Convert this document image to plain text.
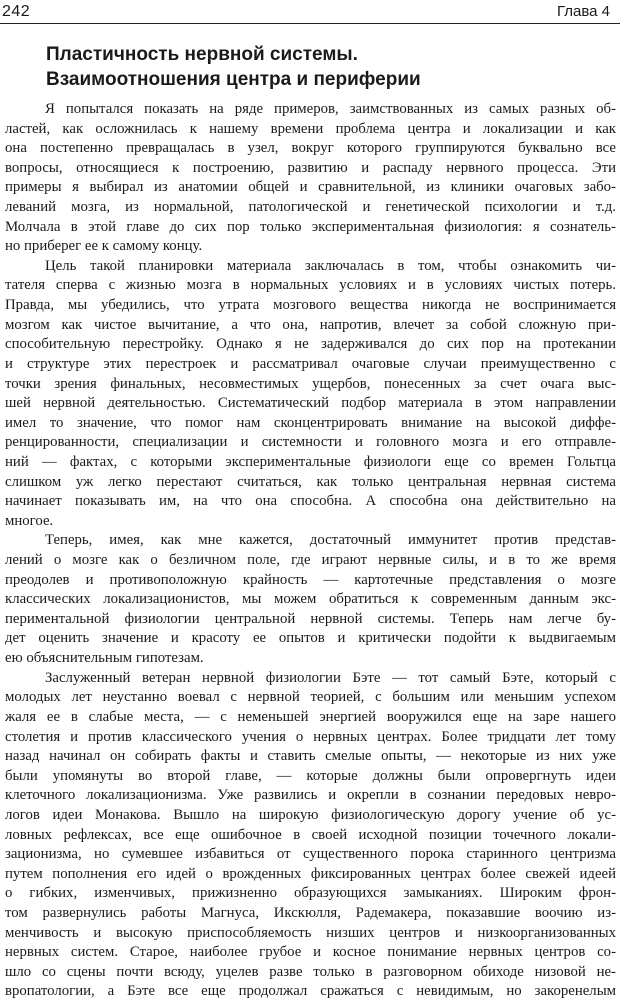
242	Глава 4
Пластичность нервной системы.
Взаимоотношения центра и периферии

Я попытался показать на ряде примеров, заимствованных из самых разных об-
ластей, как осложнилась к нашему времени проблема центра и локализации и как
она постепенно превращалась в узел, вокруг которого группируются буквально все
вопросы, относящиеся к построению, развитию и распаду нервного процесса. Эти
примеры я выбирал из анатомии общей и сравнительной, из клиники очаговых забо-
леваний мозга, из нормальной, патологической и генетической психологии и т.д.
Молчала в этой главе до сих пор только экспериментальная физиология: я сознатель-
но приберег ее к самому концу.

Цель такой планировки материала заключалась в том, чтобы ознакомить чи-
тателя сперва с жизнью мозга в нормальных условиях и в условиях чистых потерь.
Правда, мы убедились, что утрата мозгового вещества никогда не воспринимается
мозгом как чистое вычитание, а что она, напротив, влечет за собой сложную при-
способительную перестройку. Однако я не задерживался до сих пор на протекании
и структуре этих перестроек и рассматривал очаговые случаи преимущественно с
точки зрения финальных, несовместимых ущербов, понесенных за счет очага выс-
шей нервной деятельностью. Систематический подбор материала в этом направлении
имел то значение, что помог нам сконцентрировать внимание на высокой диффе-
ренцированности, специализации и системности и головного мозга и его отправле-
ний — фактах, с которыми экспериментальные физиологи еще со времен Гольтца
слишком уж легко перестают считаться, как только центральная нервная система
начинает показывать им, на что она способна. А способна она действительно на
многое.

Теперь, имея, как мне кажется, достаточный иммунитет против представ-
лений о мозге как о безличном поле, где играют нервные силы, и в то же время
преодолев и противоположную крайность — картотечные представления о мозге
классических локализационистов, мы можем обратиться к современным данным экс-
периментальной физиологии центральной нервной системы. Теперь нам легче бу-
дет оценить значение и красоту ее опытов и критически подойти к выдвигаемым
ею объяснительным гипотезам.

Заслуженный ветеран нервной физиологии Бэте — тот самый Бэте, который с
молодых лет неустанно воевал с нервной теорией, с большим или меньшим успехом
жаля ее в слабые места, — с неменьшей энергией вооружился еще на заре нашего
столетия и против классического учения о нервных центрах. Более тридцати лет тому
назад начинал он собирать факты и ставить смелые опыты, — некоторые из них уже
были упомянуты во второй главе, — которые должны были опровергнуть идеи
клеточного локализационизма. Уже развились и окрепли в сознании передовых невро-
логов идеи Монакова. Вышло на широкую физиологическую дорогу учение об ус-
ловных рефлексах, все еще ошибочное в своей исходной позиции точечного локали-
зационизма, но сумевшее избавиться от существенного порока старинного центризма
путем пополнения его идей о врожденных фиксированных центрах более свежей идеей
о гибких, изменчивых, прижизненно образующихся замыканиях. Широким фрон-
том развернулись работы Магнуса, Икскюлля, Радемакера, показавшие воочию из-
менчивость и высокую приспособляемость низших центров и низкоорганизованных
нервных систем. Старое, наиболее грубое и косное понимание нервных центров со-
шло со сцены почти всюду, уцелев разве только в разговорном обиходе низовой не-
вропатологии, а Бэте все еще продолжал сражаться с невидимым, но закоренелым
